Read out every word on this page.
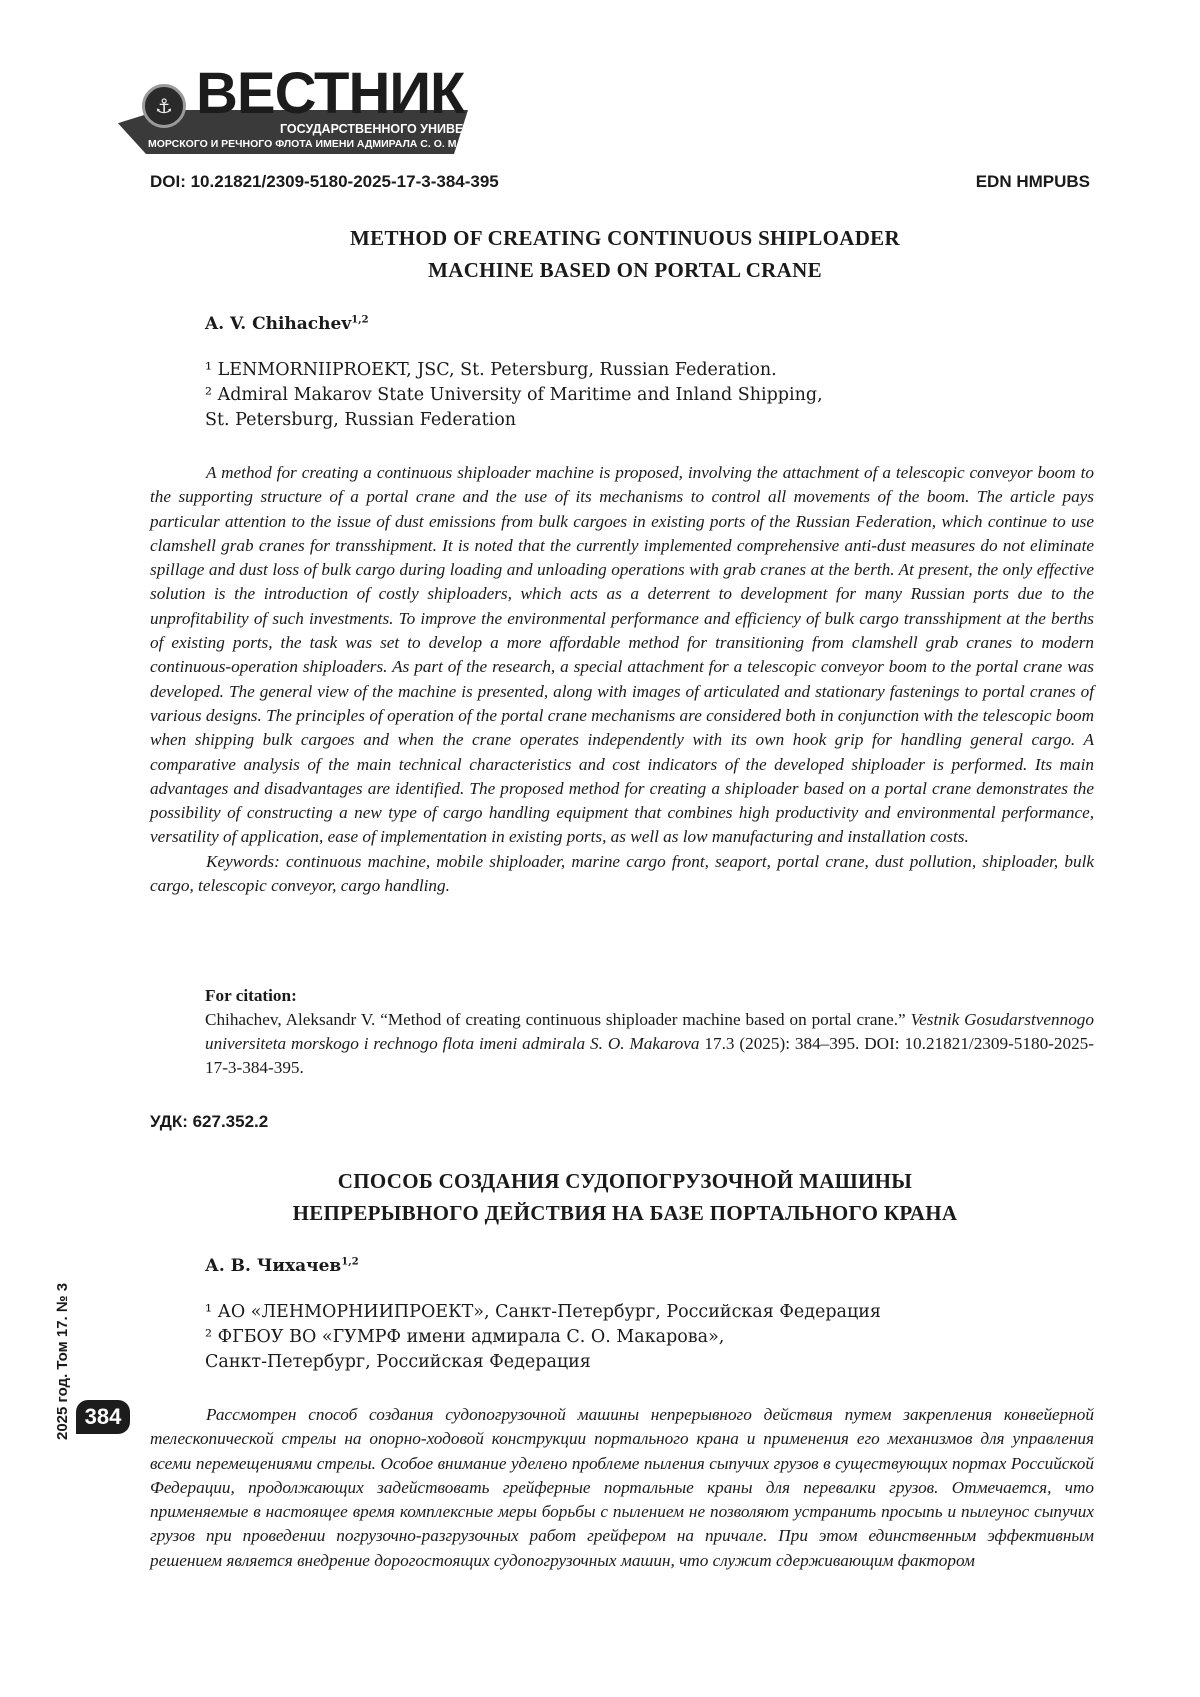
⚓ ВЕСТНИК
ГОСУДАРСТВЕННОГО УНИВЕРСИТЕТА
МОРСКОГО И РЕЧНОГО ФЛОТА ИМЕНИ АДМИРАЛА С. О. МАКАРОВА
DOI: 10.21821/2309-5180-2025-17-3-384-395	EDN HMPUBS
METHOD OF CREATING CONTINUOUS SHIPLOADER
MACHINE BASED ON PORTAL CRANE
A. V. Chihachev$^{1,2}$

¹ LENMORNIIPROEKT, JSC, St. Petersburg, Russian Federation.

² Admiral Makarov State University of Maritime and Inland Shipping,

St. Petersburg, Russian Federation

A method for creating a continuous shiploader machine is proposed, involving the attachment of a telescopic conveyor boom to the supporting structure of a portal crane and the use of its mechanisms to control all movements of the boom. The article pays particular attention to the issue of dust emissions from bulk cargoes in existing ports of the Russian Federation, which continue to use clamshell grab cranes for transshipment. It is noted that the currently implemented comprehensive anti-dust measures do not eliminate spillage and dust loss of bulk cargo during loading and unloading operations with grab cranes at the berth. At present, the only effective solution is the introduction of costly shiploaders, which acts as a deterrent to development for many Russian ports due to the unprofitability of such investments. To improve the environmental performance and efficiency of bulk cargo transshipment at the berths of existing ports, the task was set to develop a more affordable method for transitioning from clamshell grab cranes to modern continuous-operation shiploaders. As part of the research, a special attachment for a telescopic conveyor boom to the portal crane was developed. The general view of the machine is presented, along with images of articulated and stationary fastenings to portal cranes of various designs. The principles of operation of the portal crane mechanisms are considered both in conjunction with the telescopic boom when shipping bulk cargoes and when the crane operates independently with its own hook grip for handling general cargo. A comparative analysis of the main technical characteristics and cost indicators of the developed shiploader is performed. Its main advantages and disadvantages are identified. The proposed method for creating a shiploader based on a portal crane demonstrates the possibility of constructing a new type of cargo handling equipment that combines high productivity and environmental performance, versatility of application, ease of implementation in existing ports, as well as low manufacturing and installation costs.

Keywords: continuous machine, mobile shiploader, marine cargo front, seaport, portal crane, dust pollution, shiploader, bulk cargo, telescopic conveyor, cargo handling.

For citation:
Chihachev, Aleksandr V. “Method of creating continuous shiploader machine based on portal crane.” Vestnik Gosudarstvennogo universiteta morskogo i rechnogo flota imeni admirala S. O. Makarova 17.3 (2025): 384–395. DOI: 10.21821/2309-5180-2025-17-3-384-395.
УДК: 627.352.2
СПОСОБ СОЗДАНИЯ СУДОПОГРУЗОЧНОЙ МАШИНЫ
НЕПРЕРЫВНОГО ДЕЙСТВИЯ НА БАЗЕ ПОРТАЛЬНОГО КРАНА
А. В. Чихачев$^{1,2}$

¹ АО «ЛЕНМОРНИИПРОЕКТ», Санкт-Петербург, Российская Федерация

² ФГБОУ ВО «ГУМРФ имени адмирала С. О. Макарова»,

Санкт-Петербург, Российская Федерация

Рассмотрен способ создания судопогрузочной машины непрерывного действия путем закрепления конвейерной телескопической стрелы на опорно-ходовой конструкции портального крана и применения его механизмов для управления всеми перемещениями стрелы. Особое внимание уделено проблеме пыления сыпучих грузов в существующих портах Российской Федерации, продолжающих задействовать грейферные портальные краны для перевалки грузов. Отмечается, что применяемые в настоящее время комплексные меры борьбы с пылением не позволяют устранить просыпь и пылеунос сыпучих грузов при проведении погрузочно-разгрузочных работ грейфером на причале. При этом единственным эффективным решением является внедрение дорогостоящих судопогрузочных машин, что служит сдерживающим фактором

2025 год. Том 17. № 3 384
